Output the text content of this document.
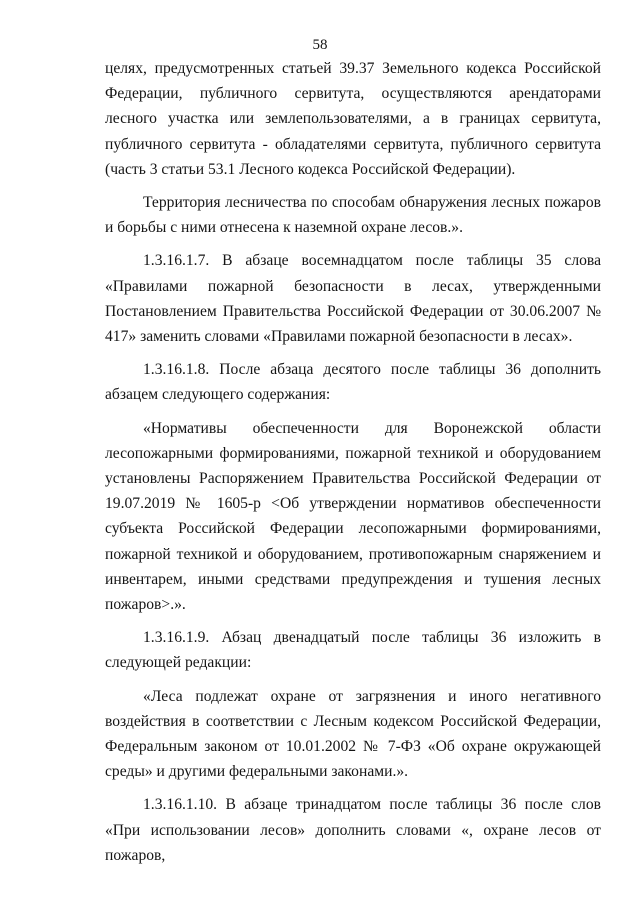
58

целях, предусмотренных статьей 39.37 Земельного кодекса Российской Федерации, публичного сервитута, осуществляются арендаторами лесного участка или землепользователями, а в границах сервитута, публичного сервитута - обладателями сервитута, публичного сервитута (часть 3 статьи 53.1 Лесного кодекса Российской Федерации).

Территория лесничества по способам обнаружения лесных пожаров и борьбы с ними отнесена к наземной охране лесов.».

1.3.16.1.7. В абзаце восемнадцатом после таблицы 35 слова «Правилами пожарной безопасности в лесах, утвержденными Постановлением Правительства Российской Федерации от 30.06.2007 № 417» заменить словами «Правилами пожарной безопасности в лесах».

1.3.16.1.8. После абзаца десятого после таблицы 36 дополнить абзацем следующего содержания:

«Нормативы обеспеченности для Воронежской области лесопожарными формированиями, пожарной техникой и оборудованием установлены Распоряжением Правительства Российской Федерации от 19.07.2019 № 1605-р <Об утверждении нормативов обеспеченности субъекта Российской Федерации лесопожарными формированиями, пожарной техникой и оборудованием, противопожарным снаряжением и инвентарем, иными средствами предупреждения и тушения лесных пожаров>.».

1.3.16.1.9. Абзац двенадцатый после таблицы 36 изложить в следующей редакции:

«Леса подлежат охране от загрязнения и иного негативного воздействия в соответствии с Лесным кодексом Российской Федерации, Федеральным законом от 10.01.2002 № 7-ФЗ «Об охране окружающей среды» и другими федеральными законами.».

1.3.16.1.10. В абзаце тринадцатом после таблицы 36 после слов «При использовании лесов» дополнить словами «, охране лесов от пожаров,
